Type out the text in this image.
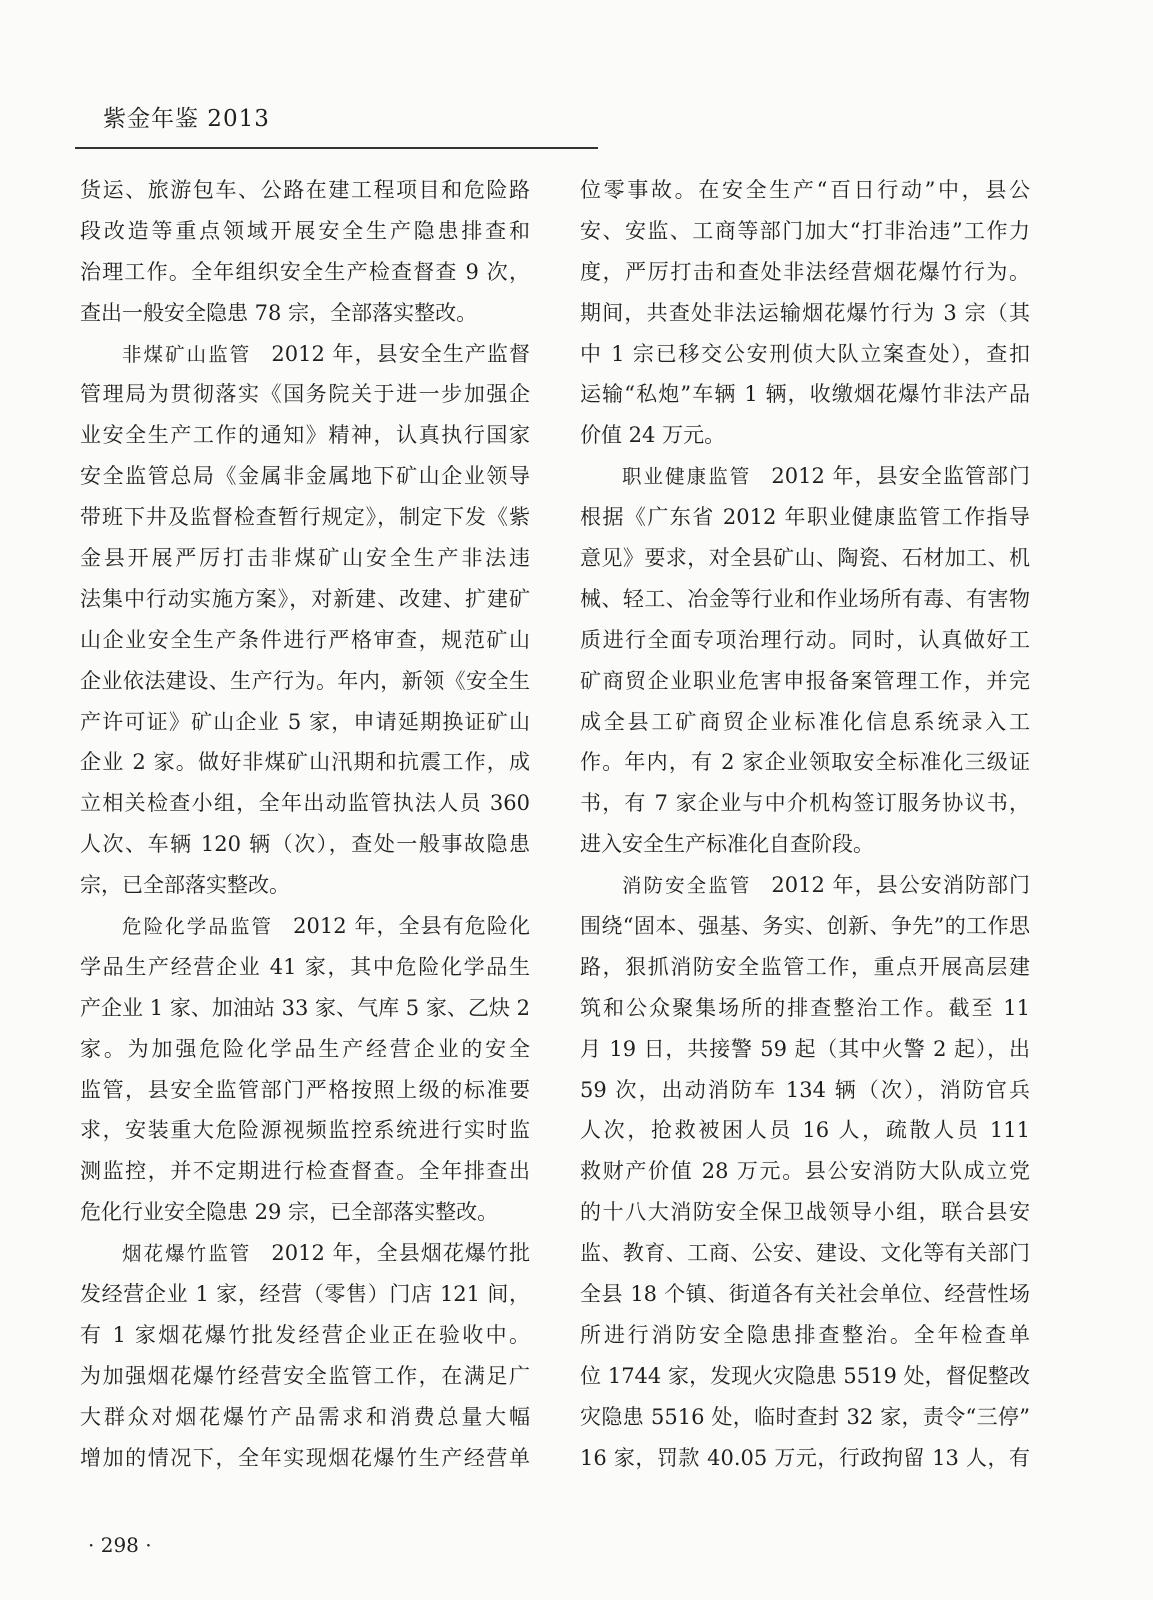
紫金年鉴 2013
货运、旅游包车、公路在建工程项目和危险路
段改造等重点领域开展安全生产隐患排查和
治理工作。全年组织安全生产检查督查 9 次，
查出一般安全隐患 78 宗，全部落实整改。
非煤矿山监管 2012 年，县安全生产监督
管理局为贯彻落实《国务院关于进一步加强企
业安全生产工作的通知》精神，认真执行国家
安全监管总局《金属非金属地下矿山企业领导
带班下井及监督检查暂行规定》，制定下发《紫
金县开展严厉打击非煤矿山安全生产非法违
法集中行动实施方案》，对新建、改建、扩建矿
山企业安全生产条件进行严格审查，规范矿山
企业依法建设、生产行为。年内，新领《安全生
产许可证》矿山企业 5 家，申请延期换证矿山
企业 2 家。做好非煤矿山汛期和抗震工作，成
立相关检查小组，全年出动监管执法人员 360
人次、车辆 120 辆（次），查处一般事故隐患
宗，已全部落实整改。
危险化学品监管 2012 年，全县有危险化
学品生产经营企业 41 家，其中危险化学品生
产企业 1 家、加油站 33 家、气库 5 家、乙炔 2
家。为加强危险化学品生产经营企业的安全
监管，县安全监管部门严格按照上级的标准要
求，安装重大危险源视频监控系统进行实时监
测监控，并不定期进行检查督查。全年排查出
危化行业安全隐患 29 宗，已全部落实整改。
烟花爆竹监管 2012 年，全县烟花爆竹批
发经营企业 1 家，经营（零售）门店 121 间，
有 1 家烟花爆竹批发经营企业正在验收中。
为加强烟花爆竹经营安全监管工作，在满足广
大群众对烟花爆竹产品需求和消费总量大幅
增加的情况下，全年实现烟花爆竹生产经营单
位零事故。在安全生产“百日行动”中，县公
安、安监、工商等部门加大“打非治违”工作力
度，严厉打击和查处非法经营烟花爆竹行为。
期间，共查处非法运输烟花爆竹行为 3 宗（其
中 1 宗已移交公安刑侦大队立案查处），查扣
运输“私炮”车辆 1 辆，收缴烟花爆竹非法产品
价值 24 万元。
职业健康监管 2012 年，县安全监管部门
根据《广东省 2012 年职业健康监管工作指导
意见》要求，对全县矿山、陶瓷、石材加工、机
械、轻工、冶金等行业和作业场所有毒、有害物
质进行全面专项治理行动。同时，认真做好工
矿商贸企业职业危害申报备案管理工作，并完
成全县工矿商贸企业标准化信息系统录入工
作。年内，有 2 家企业领取安全标准化三级证
书，有 7 家企业与中介机构签订服务协议书，
进入安全生产标准化自查阶段。
消防安全监管 2012 年，县公安消防部门
围绕“固本、强基、务实、创新、争先”的工作思
路，狠抓消防安全监管工作，重点开展高层建
筑和公众聚集场所的排查整治工作。截至 11
月 19 日，共接警 59 起（其中火警 2 起），出
59 次，出动消防车 134 辆（次），消防官兵
人次，抢救被困人员 16 人，疏散人员 111
救财产价值 28 万元。县公安消防大队成立党
的十八大消防安全保卫战领导小组，联合县安
监、教育、工商、公安、建设、文化等有关部门
全县 18 个镇、街道各有关社会单位、经营性场
所进行消防安全隐患排查整治。全年检查单
位 1744 家，发现火灾隐患 5519 处，督促整改
灾隐患 5516 处，临时查封 32 家，责令“三停”
16 家，罚款 40.05 万元，行政拘留 13 人，有
· 298 ·
